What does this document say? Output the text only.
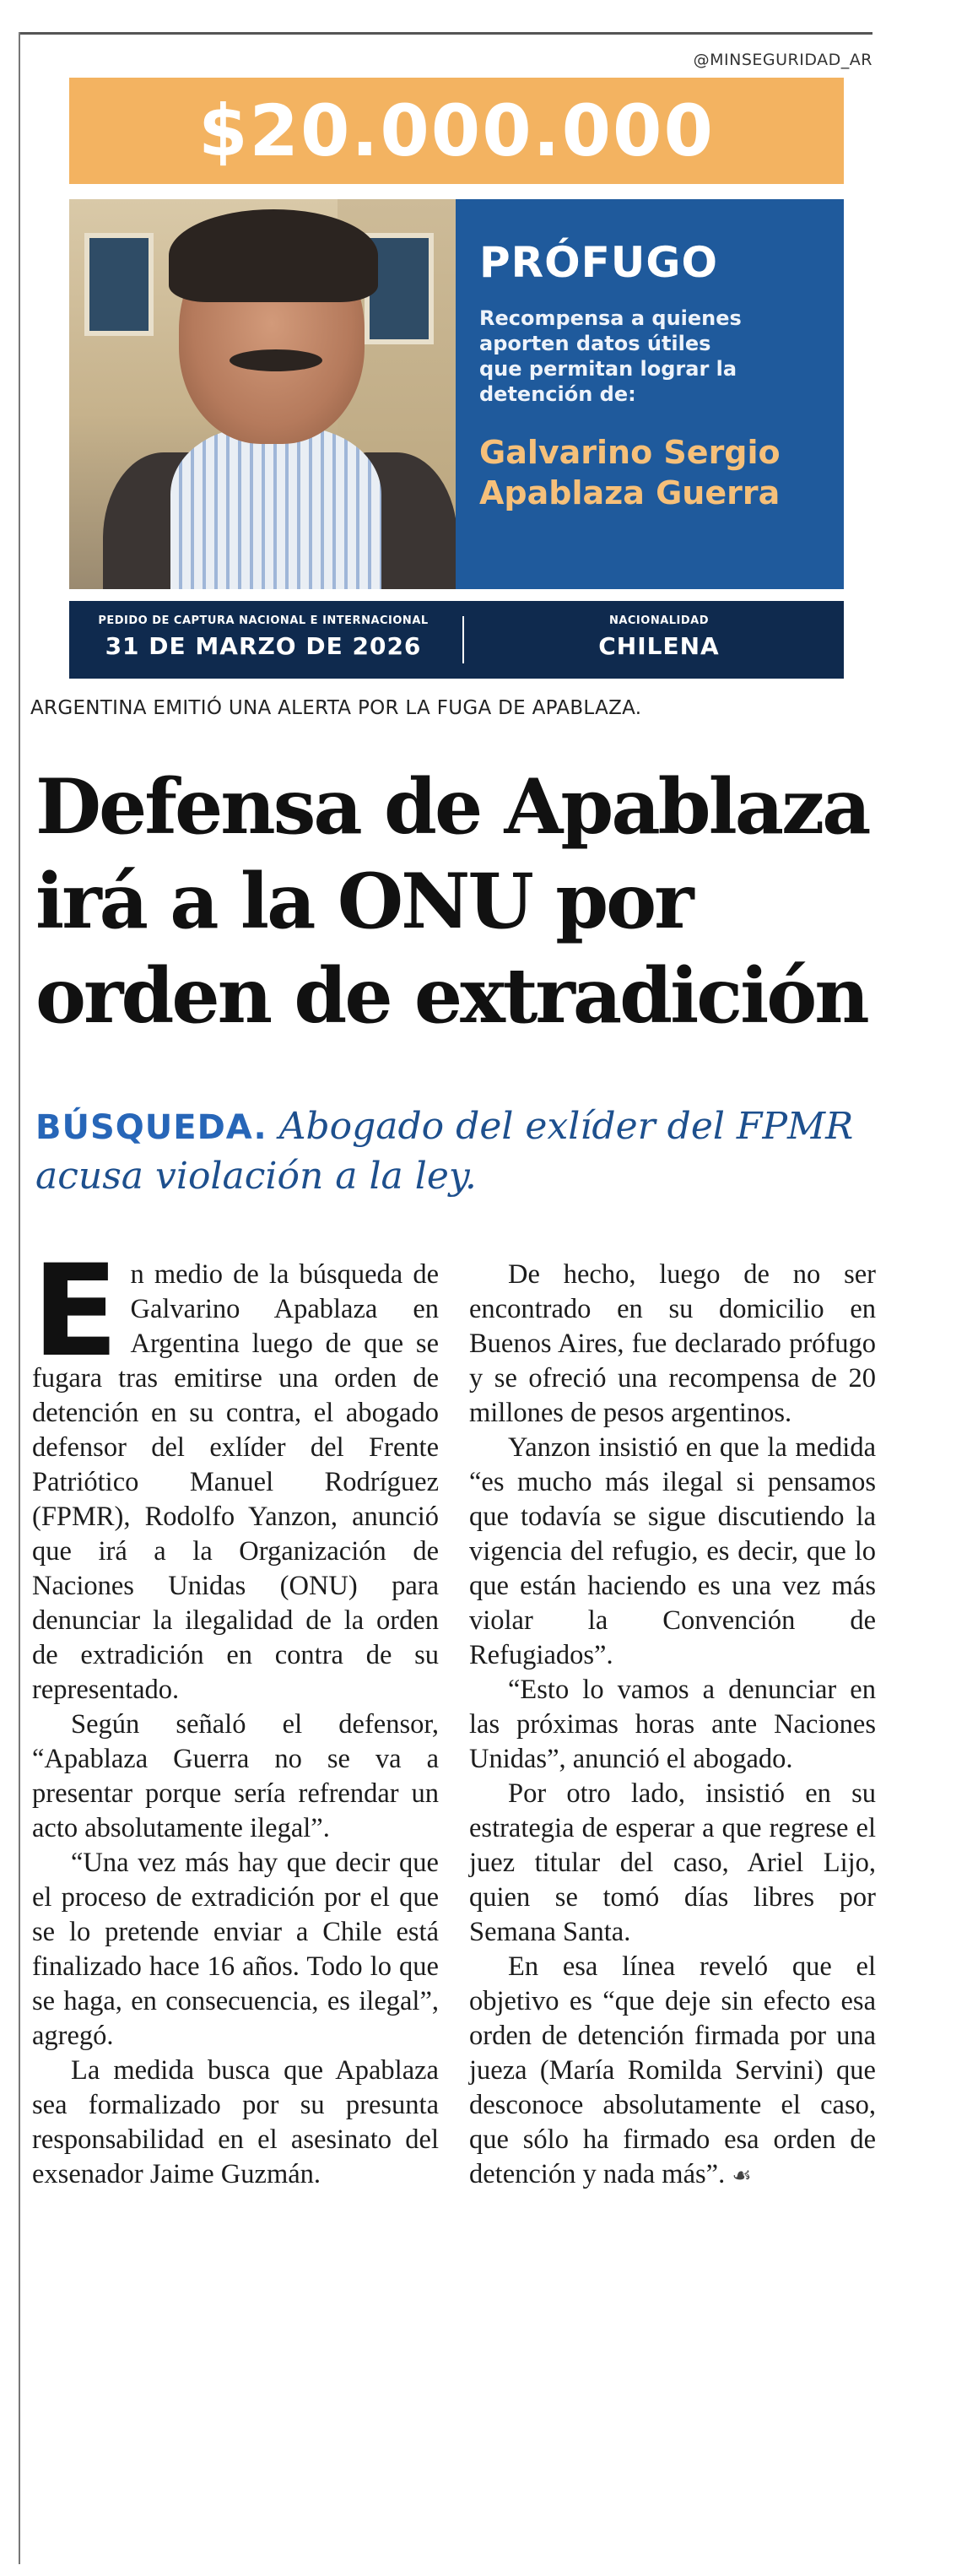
@MINSEGURIDAD_AR
$20.000.000
PRÓFUGO
Recompensa a quienes aporten datos útiles que permitan lograr la detención de:
Galvarino Sergio
Apablaza Guerra
PEDIDO DE CAPTURA NACIONAL E INTERNACIONAL
31 DE MARZO DE 2026
NACIONALIDAD
CHILENA
ARGENTINA EMITIÓ UNA ALERTA POR LA FUGA DE APABLAZA.
Defensa de Apablaza
irá a la ONU por
orden de extradición
BÚSQUEDA. Abogado del exlíder del FPMR acusa violación a la ley.

En medio de la búsqueda de Galvarino Apablaza en Argentina luego de que se fugara tras emitirse una orden de detención en su contra, el abogado defensor del exlíder del Frente Patriótico Manuel Rodríguez (FPMR), Rodolfo Yanzon, anunció que irá a la Organización de Naciones Unidas (ONU) para denunciar la ilegalidad de la orden de extradición en contra de su representado.

Según señaló el defensor, “Apablaza Guerra no se va a presentar porque sería refrendar un acto absolutamente ilegal”.

“Una vez más hay que decir que el proceso de extradición por el que se lo pretende enviar a Chile está finalizado hace 16 años. Todo lo que se haga, en consecuencia, es ilegal”, agregó.

La medida busca que Apablaza sea formalizado por su presunta responsabilidad en el asesinato del exsenador Jaime Guzmán.

De hecho, luego de no ser encontrado en su domicilio en Buenos Aires, fue declarado prófugo y se ofreció una recompensa de 20 millones de pesos argentinos.

Yanzon insistió en que la medida “es mucho más ilegal si pensamos que todavía se sigue discutiendo la vigencia del refugio, es decir, que lo que están haciendo es una vez más violar la Convención de Refugiados”.

“Esto lo vamos a denunciar en las próximas horas ante Naciones Unidas”, anunció el abogado.

Por otro lado, insistió en su estrategia de esperar a que regrese el juez titular del caso, Ariel Lijo, quien se tomó días libres por Semana Santa.

En esa línea reveló que el objetivo es “que deje sin efecto esa orden de detención firmada por una jueza (María Romilda Servini) que desconoce absolutamente el caso, que sólo ha firmado esa orden de detención y nada más”. ☙
